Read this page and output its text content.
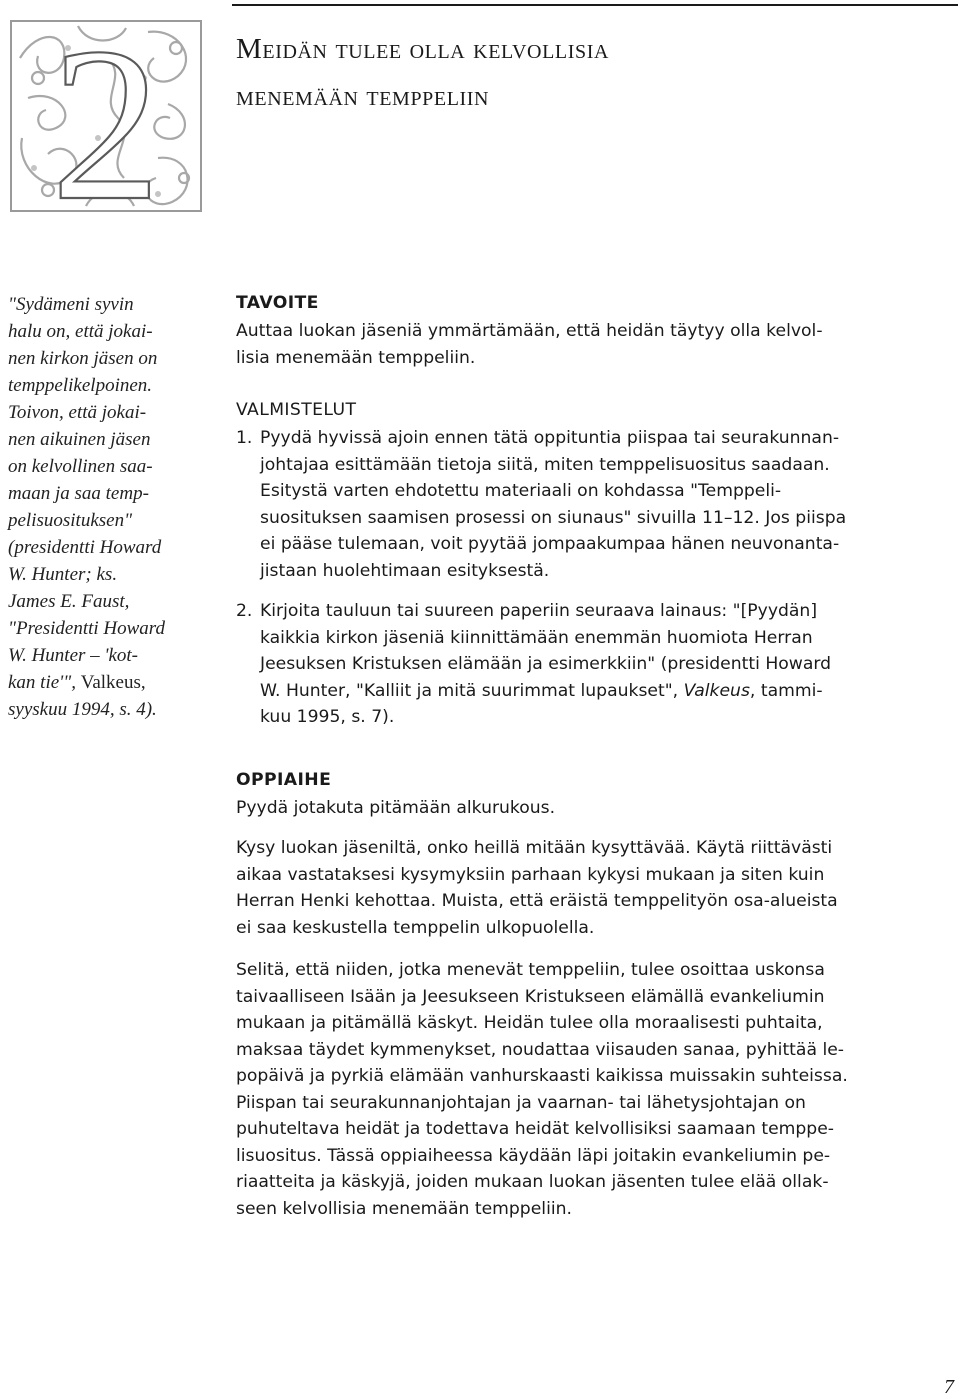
2	Meidän tulee olla kelvollisia
menemään temppeliin
"Sydämeni syvin
halu on, että jokai-
nen kirkon jäsen on
temppelikelpoinen.
Toivon, että jokai-
nen aikuinen jäsen
on kelvollinen saa-
maan ja saa temp-
pelisuosituksen"
(presidentti Howard
W. Hunter; ks.
James E. Faust,
"Presidentti Howard
W. Hunter – 'kot-
kan tie'", Valkeus,
syyskuu 1994, s. 4).
TAVOITE

Auttaa luokan jäseniä ymmärtämään, että heidän täytyy olla kelvol-
lisia menemään temppeliin.

VALMISTELUT
1. Pyydä hyvissä ajoin ennen tätä oppituntia piispaa tai seurakunnan-
johtajaa esittämään tietoja siitä, miten temppelisuositus saadaan.
Esitystä varten ehdotettu materiaali on kohdassa "Temppeli-
suosituksen saamisen prosessi on siunaus" sivuilla 11–12. Jos piispa
ei pääse tulemaan, voit pyytää jompaakumpaa hänen neuvonanta-
jistaan huolehtimaan esityksestä.
2. Kirjoita tauluun tai suureen paperiin seuraava lainaus: "[Pyydän]
kaikkia kirkon jäseniä kiinnittämään enemmän huomiota Herran
Jeesuksen Kristuksen elämään ja esimerkkiin" (presidentti Howard
W. Hunter, "Kalliit ja mitä suurimmat lupaukset", Valkeus, tammi-
kuu 1995, s. 7).
OPPIAIHE

Pyydä jotakuta pitämään alkurukous.

Kysy luokan jäseniltä, onko heillä mitään kysyttävää. Käytä riittävästi
aikaa vastataksesi kysymyksiin parhaan kykysi mukaan ja siten kuin
Herran Henki kehottaa. Muista, että eräistä temppelityön osa-alueista
ei saa keskustella temppelin ulkopuolella.

Selitä, että niiden, jotka menevät temppeliin, tulee osoittaa uskonsa
taivaalliseen Isään ja Jeesukseen Kristukseen elämällä evankeliumin
mukaan ja pitämällä käskyt. Heidän tulee olla moraalisesti puhtaita,
maksaa täydet kymmenykset, noudattaa viisauden sanaa, pyhittää le-
popäivä ja pyrkiä elämään vanhurskaasti kaikissa muissakin suhteissa.
Piispan tai seurakunnanjohtajan ja vaarnan- tai lähetysjohtajan on
puhuteltava heidät ja todettava heidät kelvollisiksi saamaan temppe-
lisuositus. Tässä oppiaiheessa käydään läpi joitakin evankeliumin pe-
riaatteita ja käskyjä, joiden mukaan luokan jäsenten tulee elää ollak-
seen kelvollisia menemään temppeliin.

7
